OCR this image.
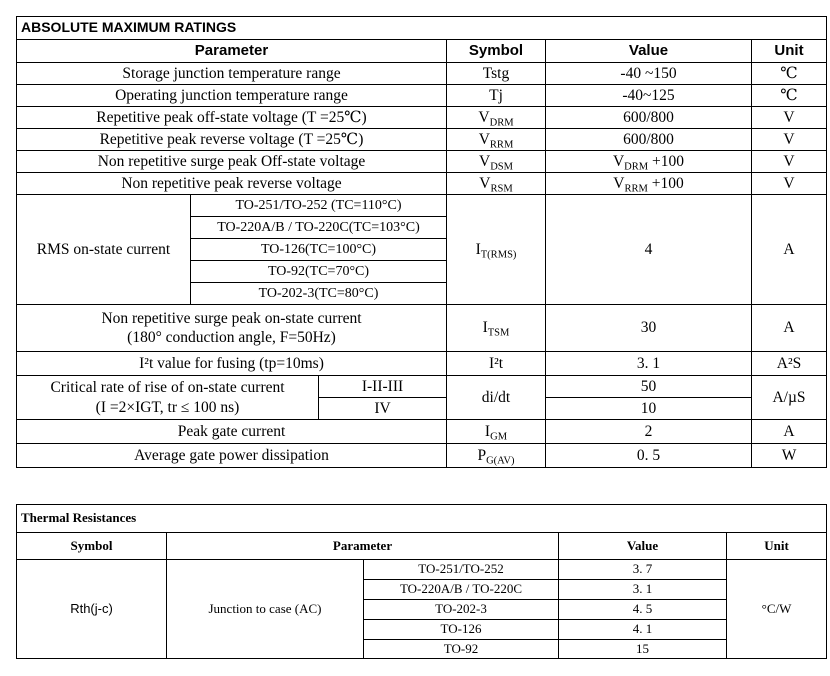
ABSOLUTE MAXIMUM RATINGS					
Parameter			Symbol	Value	Unit
Storage junction temperature range			Tstg	-40 ~150	℃
Operating junction temperature range			Tj	-40~125	℃
Repetitive peak off-state voltage (T =25℃)			$V_{DRM}$	600/800	V
Repetitive peak reverse voltage (T =25℃)			$V_{RRM}$	600/800	V
Non repetitive surge peak Off-state voltage			$V_{DSM}$	$V_{DRM} +100$	V
Non repetitive peak reverse voltage			$V_{RSM}$	$V_{RRM} +100$	V
RMS on-state current	TO-251/TO-252 (TC=110°C)		$I_{T(RMS)}$	4	A
	TO-220A/B / TO-220C(TC=103°C)				
	TO-126(TC=100°C)				
	TO-92(TC=70°C)				
	TO-202-3(TC=80°C)				

Non repetitive surge peak on-state current
(180° conduction angle, F=50Hz)			$I_{TSM}$	30	A
I²t value for fusing (tp=10ms)			I²t	3. 1	A²S

Critical rate of rise of on-state current
(I =2×IGT, tr ≤ 100 ns)		I-II-III	di/dt	50	A/µS
		IV		10	
Peak gate current			$I_{GM}$	2	A
Average gate power dissipation			$P_{G(AV)}$	0. 5	W
Thermal Resistances				
Symbol	Parameter		Value	Unit
Rth(j-c)	Junction to case (AC)	TO-251/TO-252	3. 7	°C/W
		TO-220A/B / TO-220C	3. 1	
		TO-202-3	4. 5	
		TO-126	4. 1	
		TO-92	15	
